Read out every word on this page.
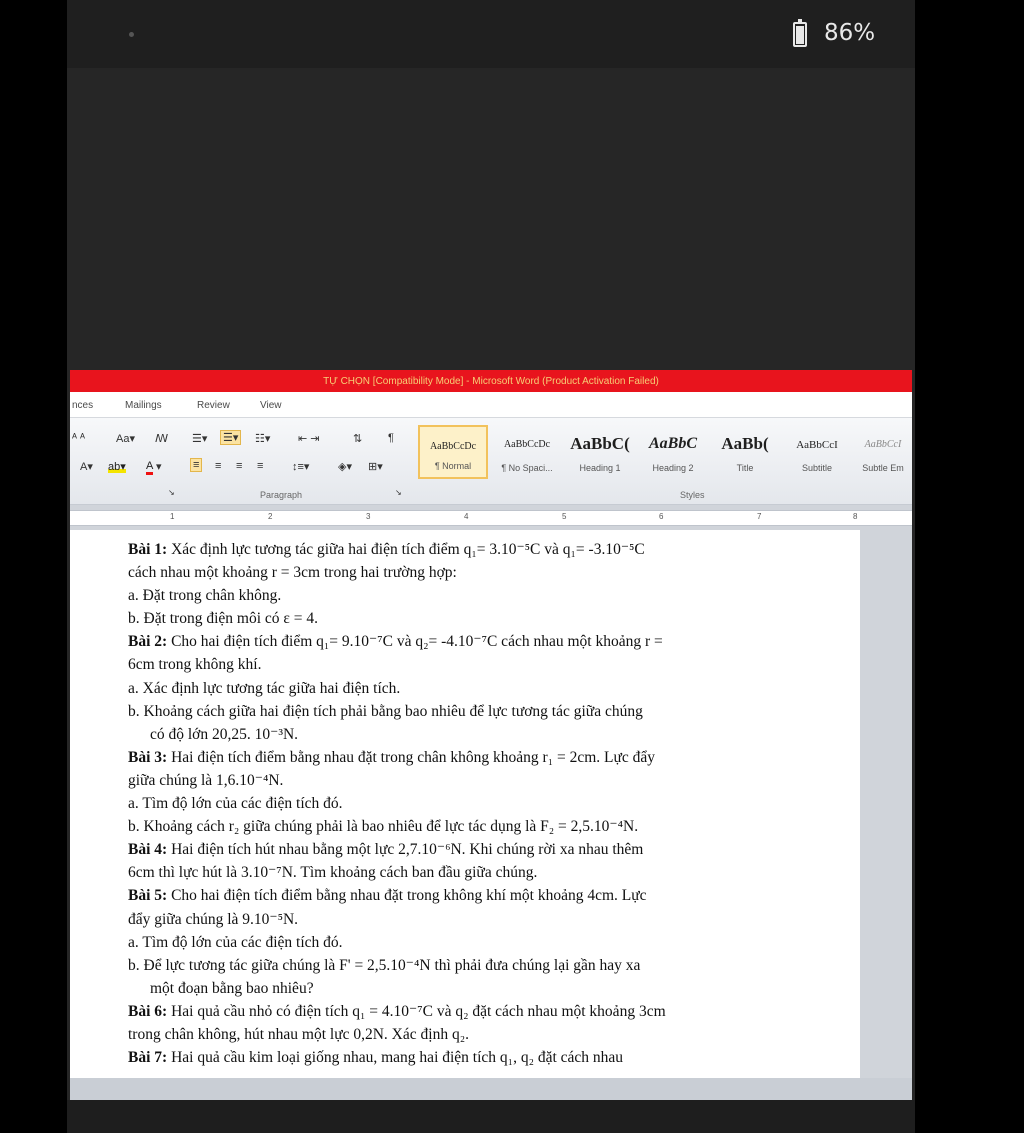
86%
TỰ CHỌN [Compatibility Mode] - Microsoft Word (Product Activation Failed)
nces	Mailings	Review	View
ᴬ ᴬ	Aa▾ ꟿ ☰▾ ☰▾ ☷▾	⇤ ⇥	⇅ ¶
A▾ ab▾ A ▾	≡ ≡ ≡ ≡	↕≡▾	◈▾ ⊞▾
Paragraph	↘
↘
AaBbCcDc
¶ Normal
AaBbCcDc
¶ No Spaci...
AaBbC(
Heading 1
AaBbC
Heading 2
AaBb(
Title
AaBbCcI
Subtitle
AaBbCcI
Subtle Em
Styles
1	2	3	4	5	6	7	8

Bài 1: Xác định lực tương tác giữa hai điện tích điểm q₁= 3.10⁻⁵C và q₁= -3.10⁻⁵C

cách nhau một khoảng r = 3cm trong hai trường hợp:

a. Đặt trong chân không.

b. Đặt trong điện môi có ε = 4.

Bài 2: Cho hai điện tích điểm q₁= 9.10⁻⁷C và q₂= -4.10⁻⁷C cách nhau một khoảng r =

6cm trong không khí.

a. Xác định lực tương tác giữa hai điện tích.

b. Khoảng cách giữa hai điện tích phải bằng bao nhiêu để lực tương tác giữa chúng

có độ lớn 20,25. 10⁻³N.

Bài 3: Hai điện tích điểm bằng nhau đặt trong chân không khoảng r₁ = 2cm. Lực đẩy

giữa chúng là 1,6.10⁻⁴N.

a. Tìm độ lớn của các điện tích đó.

b. Khoảng cách r₂ giữa chúng phải là bao nhiêu để lực tác dụng là F₂ = 2,5.10⁻⁴N.

Bài 4: Hai điện tích hút nhau bằng một lực 2,7.10⁻⁶N. Khi chúng rời xa nhau thêm

6cm thì lực hút là 3.10⁻⁷N. Tìm khoảng cách ban đầu giữa chúng.

Bài 5: Cho hai điện tích điểm bằng nhau đặt trong không khí một khoảng 4cm. Lực

đẩy giữa chúng là 9.10⁻⁵N.

a. Tìm độ lớn của các điện tích đó.

b. Để lực tương tác giữa chúng là F' = 2,5.10⁻⁴N thì phải đưa chúng lại gần hay xa

một đoạn bằng bao nhiêu?

Bài 6: Hai quả cầu nhỏ có điện tích q₁ = 4.10⁻⁷C và q₂ đặt cách nhau một khoảng 3cm

trong chân không, hút nhau một lực 0,2N. Xác định q₂.

Bài 7: Hai quả cầu kim loại giống nhau, mang hai điện tích q₁, q₂ đặt cách nhau
